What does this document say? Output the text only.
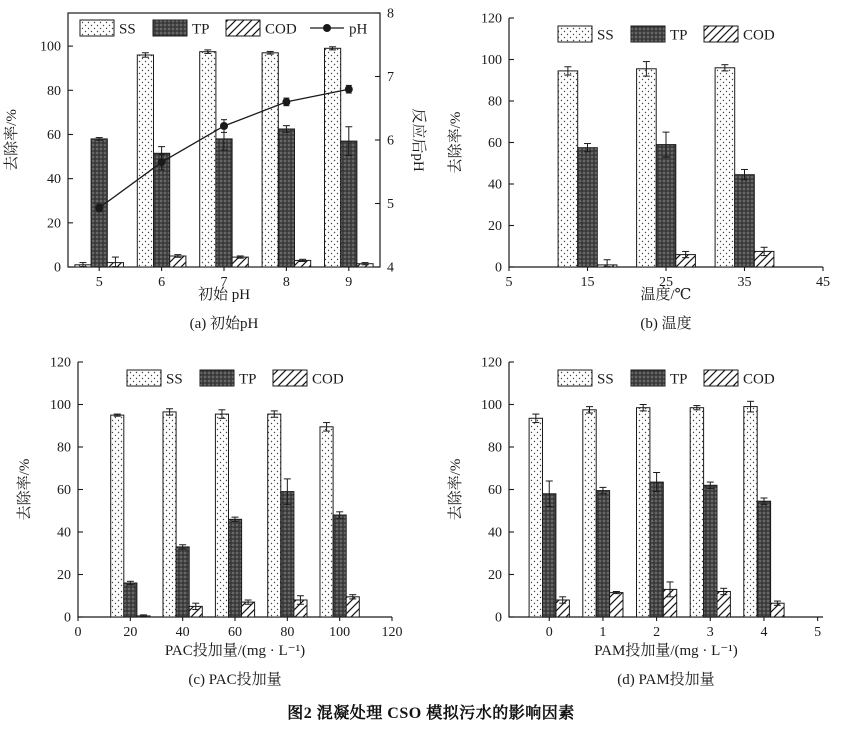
0
20
40
60
80
100
4
5
6
7
8
5	6	7	8	9
SS	TP	COD	pH
初始 pH
去除率/%	反应后pH
(a) 初始pH
0
20
40
60
80
100
120
5	15	25	35	45
SS	TP	COD
温度/℃
去除率/%
(b) 温度
0
20
40
60
80
100
120
0	20	40	60	80 100 120
SS	TP	COD
PAC投加量/(mg · L⁻¹)
去除率/%
(c) PAC投加量
0
20
40
60
80
100
120
0	1	2	3	4	5
SS	TP	COD
PAM投加量/(mg · L⁻¹)
去除率/%
(d) PAM投加量
图2 混凝处理 CSO 模拟污水的影响因素
